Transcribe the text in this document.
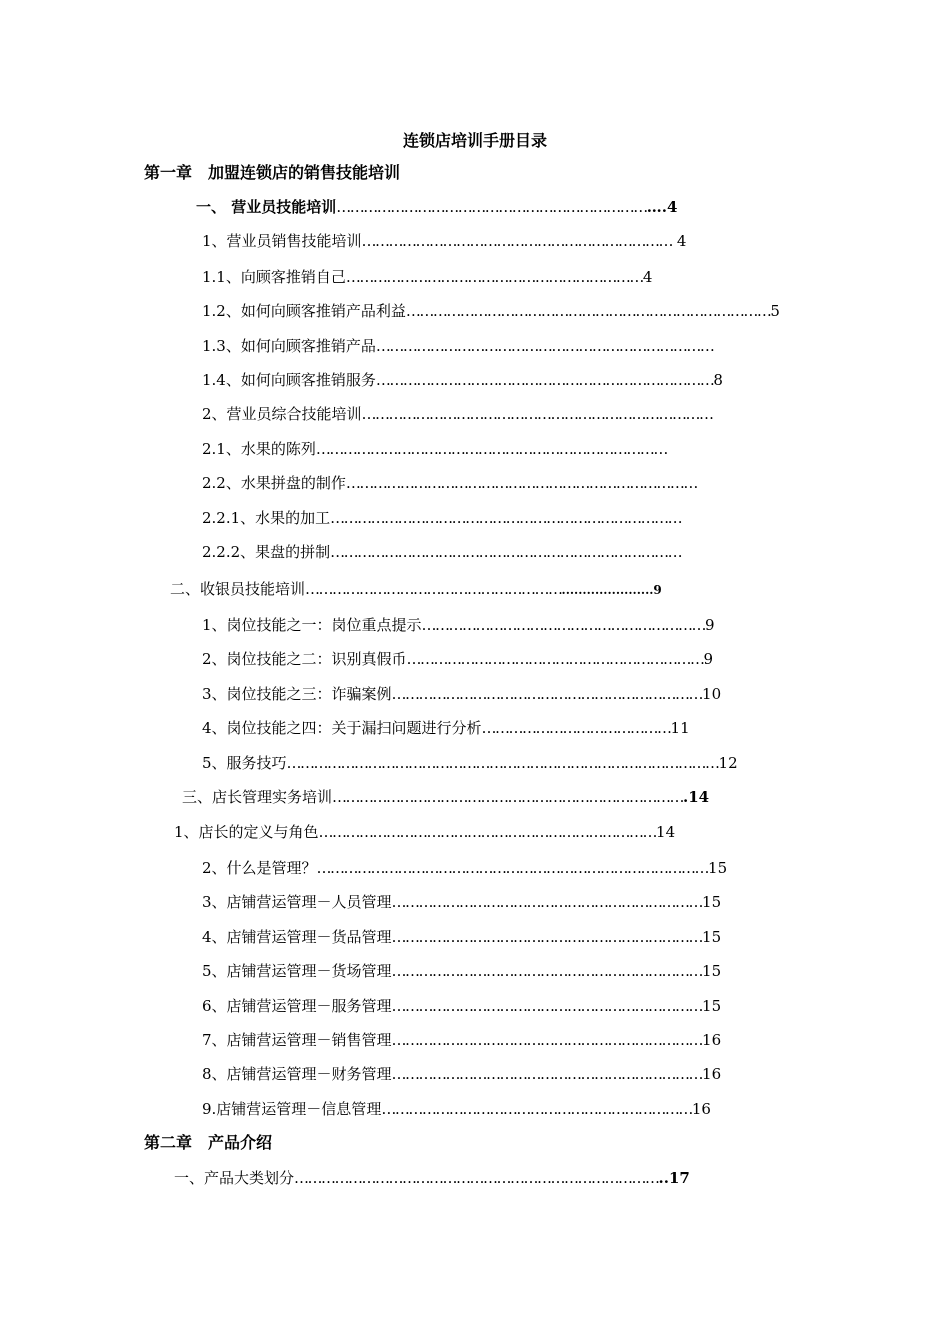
连锁店培训手册目录
第一章　加盟连锁店的销售技能培训
一、 营业员技能培训……………………………………………………………….4
1、营业员销售技能培训…………………………………………………………… 4
1.1、向顾客推销自己…………………………………………………………4
1.2、如何向顾客推销产品利益………………………………………………………………………5
1.3、如何向顾客推销产品…………………………………………………………………
1.4、如何向顾客推销服务…………………………………………………………………8
2、营业员综合技能培训……………………………………………………………………
2.1、水果的陈列……………………………………………………………………
2.2、水果拼盘的制作……………………………………………………………………
2.2.1、水果的加工……………………………………………………………………
2.2.2、果盘的拼制……………………………………………………………………
二、收银员技能培训…………………………………………………......................9
1、岗位技能之一：岗位重点提示………………………………………………………9
2、岗位技能之二：识别真假币…………………………………………………………9
3、岗位技能之三：诈骗案例……………………………………………………………10
4、岗位技能之四：关于漏扫问题进行分析……………………………………11
5、服务技巧……………………………………………………………………………………12
三、店长管理实务培训…………………………………………………………………….14
1、店长的定义与角色…………………………………………………………………14
2、什么是管理？……………………………………………………………………………15
3、店铺营运管理－人员管理……………………………………………………………15
4、店铺营运管理－货品管理……………………………………………………………15
5、店铺营运管理－货场管理……………………………………………………………15
6、店铺营运管理－服务管理……………………………………………………………15
7、店铺营运管理－销售管理……………………………………………………………16
8、店铺营运管理－财务管理……………………………………………………………16
9.店铺营运管理－信息管理……………………………………………………………16
第二章　产品介绍
一、产品大类划分………………………………………………………………………..17
